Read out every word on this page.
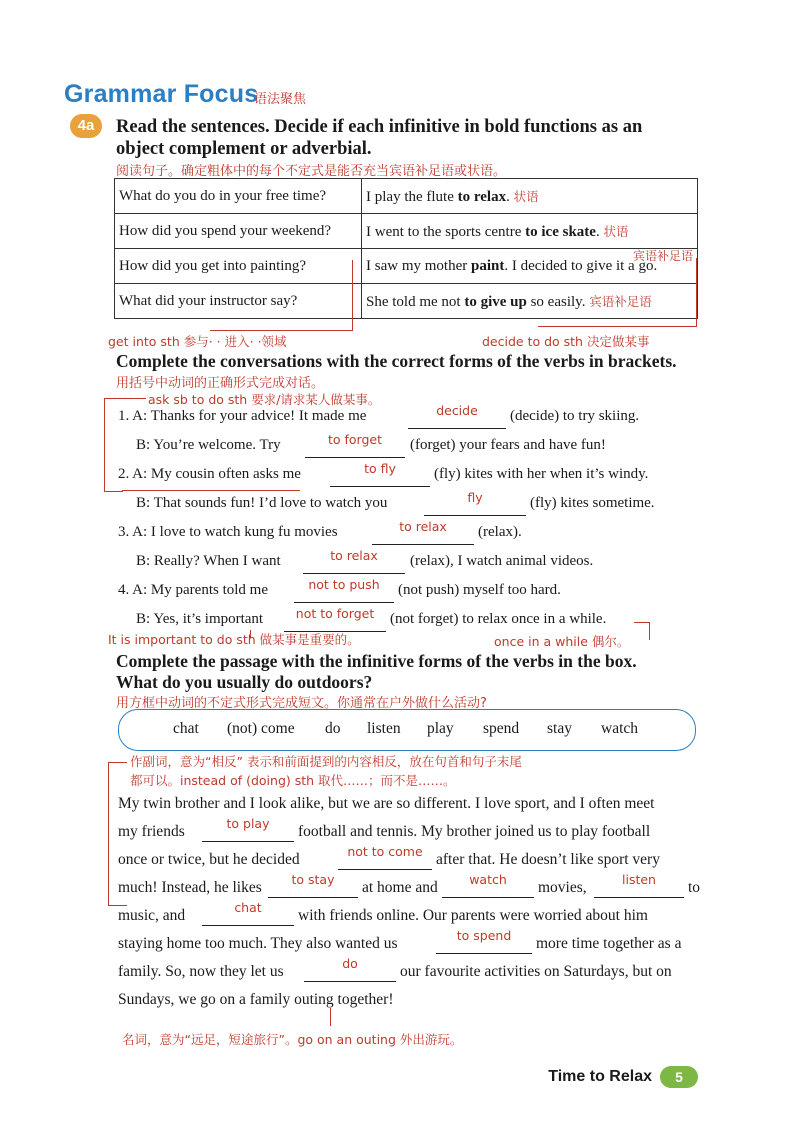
Grammar Focus
语法聚焦
4a	Read the sentences. Decide if each infinitive in bold functions as an
object complement or adverbial.
阅读句子。确定粗体中的每个不定式是能否充当宾语补足语或状语。
What do you do in your free time?	I play the flute to relax. 状语
How did you spend your weekend?	I went to the sports centre to ice skate. 状语
How did you get into painting?	I saw my mother paint. I decided to give it a go.
宾语补足语

What did your instructor say?	She told me not to give up so easily. 宾语补足语
get into sth 参与· · 进入· ·领域	decide to do sth 决定做某事
Complete the conversations with the correct forms of the verbs in brackets.
用括号中动词的正确形式完成对话。
ask sb to do sth 要求/请求某人做某事。
1. A: Thanks for your advice! It made me	decide	(decide) to try skiing.
B: You’re welcome. Try	to forget	(forget) your fears and have fun!
2. A: My cousin often asks me	to fly	(fly) kites with her when it’s windy.
B: That sounds fun! I’d love to watch you	fly	(fly) kites sometime.
3. A: I love to watch kung fu movies	to relax	(relax).
B: Really? When I want	to relax	(relax), I watch animal videos.
4. A: My parents told me	not to push	(not push) myself too hard.
B: Yes, it’s important	not to forget	(not forget) to relax once in a while.
It is important to do sth 做某事是重要的。	once in a while 偶尔。
Complete the passage with the infinitive forms of the verbs in the box.
What do you usually do outdoors?
用方框中动词的不定式形式完成短文。你通常在户外做什么活动?
chat (not) come do listen play spend stay watch
作副词，意为“相反” 表示和前面提到的内容相反，放在句首和句子末尾
都可以。instead of (doing) sth 取代……；而不是……。
My twin brother and I look alike, but we are so different. I love sport, and I often meet
my friends	to play	football and tennis. My brother joined us to play football
once or twice, but he decided	not to come after that. He doesn’t like sport very
much! Instead, he likes	to stay	at home and	watch	movies,	listen	to
music, and	chat	with friends online. Our parents were worried about him
staying home too much. They also wanted us	to spend	more time together as a
family. So, now they let us	do	our favourite activities on Saturdays, but on
Sundays, we go on a family outing together!
名词，意为“远足，短途旅行”。go on an outing 外出游玩。
Time to Relax	5
